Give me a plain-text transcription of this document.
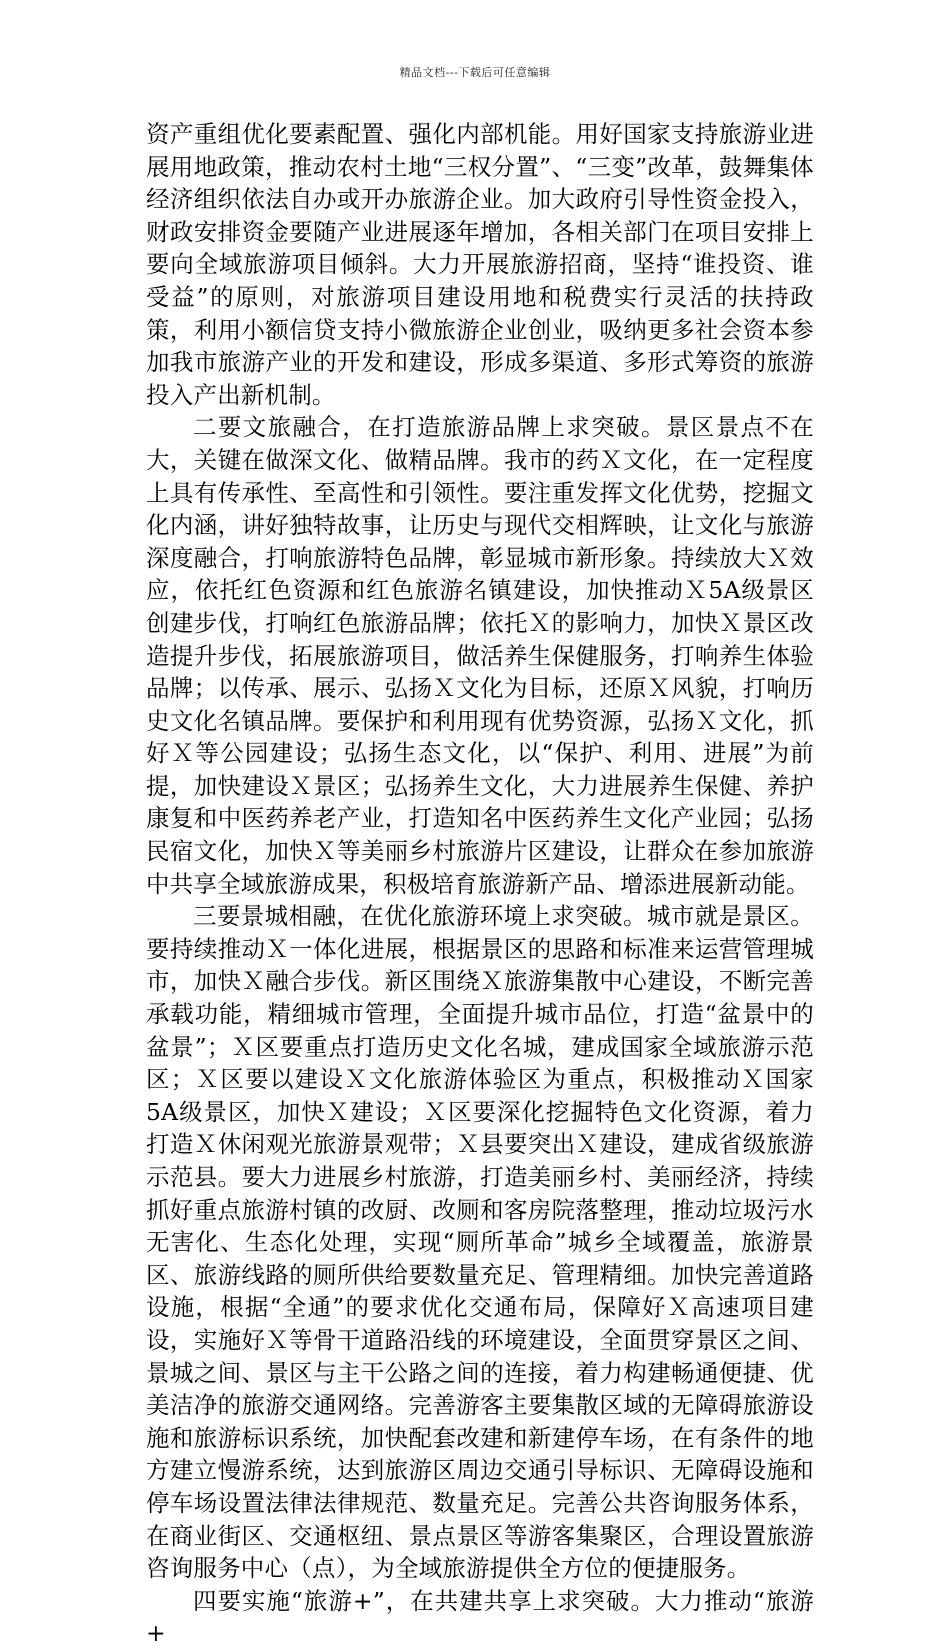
精品文档---下载后可任意编辑

资产重组优化要素配置、强化内部机能。用好国家支持旅游业进展用地政策，推动农村土地“三权分置”、“三变”改革，鼓舞集体经济组织依法自办或开办旅游企业。加大政府引导性资金投入，财政安排资金要随产业进展逐年增加，各相关部门在项目安排上要向全域旅游项目倾斜。大力开展旅游招商，坚持“谁投资、谁受益”的原则，对旅游项目建设用地和税费实行灵活的扶持政策，利用小额信贷支持小微旅游企业创业，吸纳更多社会资本参加我市旅游产业的开发和建设，形成多渠道、多形式筹资的旅游投入产出新机制。

二要文旅融合，在打造旅游品牌上求突破。景区景点不在大，关键在做深文化、做精品牌。我市的药Ｘ文化，在一定程度上具有传承性、至高性和引领性。要注重发挥文化优势，挖掘文化内涵，讲好独特故事，让历史与现代交相辉映，让文化与旅游深度融合，打响旅游特色品牌，彰显城市新形象。持续放大Ｘ效应，依托红色资源和红色旅游名镇建设，加快推动Ｘ5A级景区创建步伐，打响红色旅游品牌；依托Ｘ的影响力，加快Ｘ景区改造提升步伐，拓展旅游项目，做活养生保健服务，打响养生体验品牌；以传承、展示、弘扬Ｘ文化为目标，还原Ｘ风貌，打响历史文化名镇品牌。要保护和利用现有优势资源，弘扬Ｘ文化，抓好Ｘ等公园建设；弘扬生态文化，以“保护、利用、进展”为前提，加快建设Ｘ景区；弘扬养生文化，大力进展养生保健、养护康复和中医药养老产业，打造知名中医药养生文化产业园；弘扬民宿文化，加快Ｘ等美丽乡村旅游片区建设，让群众在参加旅游中共享全域旅游成果，积极培育旅游新产品、增添进展新动能。

三要景城相融，在优化旅游环境上求突破。城市就是景区。要持续推动Ｘ一体化进展，根据景区的思路和标准来运营管理城市，加快Ｘ融合步伐。新区围绕Ｘ旅游集散中心建设，不断完善承载功能，精细城市管理，全面提升城市品位，打造“盆景中的盆景”；Ｘ区要重点打造历史文化名城，建成国家全域旅游示范区；Ｘ区要以建设Ｘ文化旅游体验区为重点，积极推动Ｘ国家5A级景区，加快Ｘ建设；Ｘ区要深化挖掘特色文化资源，着力打造Ｘ休闲观光旅游景观带；Ｘ县要突出Ｘ建设，建成省级旅游示范县。要大力进展乡村旅游，打造美丽乡村、美丽经济，持续抓好重点旅游村镇的改厨、改厕和客房院落整理，推动垃圾污水无害化、生态化处理，实现“厕所革命”城乡全域覆盖，旅游景区、旅游线路的厕所供给要数量充足、管理精细。加快完善道路设施，根据“全通”的要求优化交通布局，保障好Ｘ高速项目建设，实施好Ｘ等骨干道路沿线的环境建设，全面贯穿景区之间、景城之间、景区与主干公路之间的连接，着力构建畅通便捷、优美洁净的旅游交通网络。完善游客主要集散区域的无障碍旅游设施和旅游标识系统，加快配套改建和新建停车场，在有条件的地方建立慢游系统，达到旅游区周边交通引导标识、无障碍设施和停车场设置法律法律规范、数量充足。完善公共咨询服务体系，在商业街区、交通枢纽、景点景区等游客集聚区，合理设置旅游咨询服务中心（点），为全域旅游提供全方位的便捷服务。

四要实施“旅游+”，在共建共享上求突破。大力推动“旅游+
